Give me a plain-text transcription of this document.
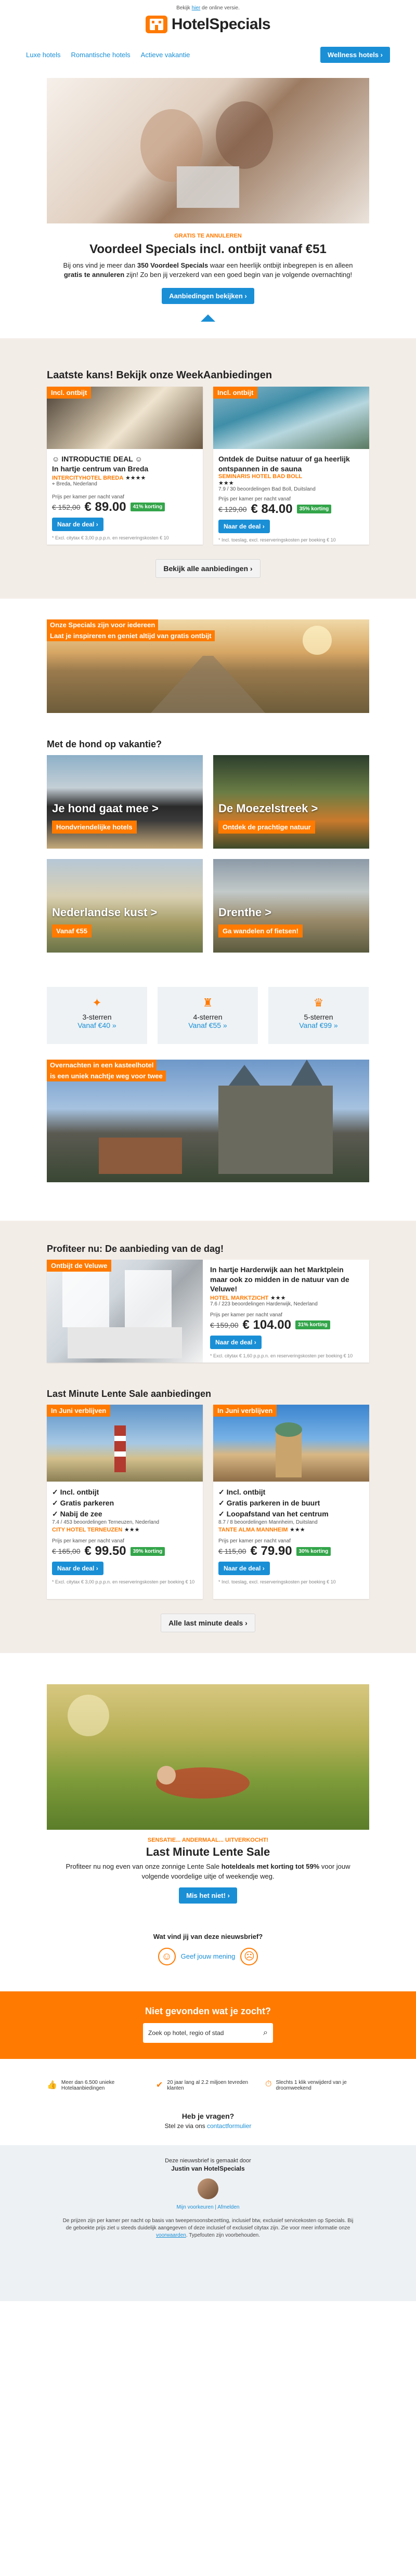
Bekijk hier de online versie.
HotelSpecials
Luxe hotels Romantische hotels Actieve vakantie	Wellness hotels ›
GRATIS TE ANNULEREN
Voordeel Specials incl. ontbijt vanaf €51
Bij ons vind je meer dan 350 Voordeel Specials waar een heerlijk ontbijt inbegrepen is en alleen gratis te annuleren zijn! Zo ben jij verzekerd van een goed begin van je volgende overnachting!
Aanbiedingen bekijken ›
Laatste kans! Bekijk onze WeekAanbiedingen
Incl. ontbijt
☺ INTRODUCTIE DEAL ☺
In hartje centrum van Breda
INTERCITYHOTEL BREDA ★★★★
⌖ Breda, Nederland
Prijs per kamer per nacht vanaf
€ 152,00 € 89.00	41% korting
Naar de deal ›
* Excl. citytax € 3,00 p.p.p.n. en reserveringskosten € 10
Incl. ontbijt
Ontdek de Duitse natuur of ga heerlijk ontspannen in de sauna
SEMINARIS HOTEL BAD BOLL
★★★
7.9 / 30 beoordelingen Bad Boll, Duitsland
Prijs per kamer per nacht vanaf
€ 129,00 € 84.00	35% korting
Naar de deal ›
* Incl. toeslag, excl. reserveringskosten per boeking € 10
Bekijk alle aanbiedingen ›
Onze Specials zijn voor iedereen
Laat je inspireren en geniet altijd van gratis ontbijt
Met de hond op vakantie?
Je hond gaat mee >
Hondvriendelijke hotels
De Moezelstreek >
Ontdek de prachtige natuur
Nederlandse kust >
Vanaf €55
Drenthe >
Ga wandelen of fietsen!
✦
3-sterren
Vanaf €40 »
♜
4-sterren
Vanaf €55 »
♛
5-sterren
Vanaf €99 »
Overnachten in een kasteelhotel
is een uniek nachtje weg voor twee
Profiteer nu: De aanbieding van de dag!
Ontbijt de Veluwe	In hartje Harderwijk aan het Marktplein maar ook zo midden in de natuur van de Veluwe!
HOTEL MARKTZICHT ★★★
7.6 / 223 beoordelingen Harderwijk, Nederland
Prijs per kamer per nacht vanaf
€ 159,00 € 104.00	31% korting
Naar de deal ›
* Excl. citytax € 1,60 p.p.p.n. en reserveringskosten per boeking € 10
Last Minute Lente Sale aanbiedingen
In Juni verblijven
✓ Incl. ontbijt
✓ Gratis parkeren
✓ Nabij de zee
7.4 / 453 beoordelingen Terneuzen, Nederland
CITY HOTEL TERNEUZEN ★★★
Prijs per kamer per nacht vanaf
€ 165,00 € 99.50	39% korting
Naar de deal ›
* Excl. citytax € 3,00 p.p.p.n. en reserveringskosten per boeking € 10
In Juni verblijven
✓ Incl. ontbijt
✓ Gratis parkeren in de buurt
✓ Loopafstand van het centrum
8.7 / 8 beoordelingen Mannheim, Duitsland
TANTE ALMA MANNHEIM ★★★
Prijs per kamer per nacht vanaf
€ 115,00 € 79.90	30% korting
Naar de deal ›
* Incl. toeslag, excl. reserveringskosten per boeking € 10
Alle last minute deals ›
SENSATIE... ANDERMAAL... UITVERKOCHT!
Last Minute Lente Sale
Profiteer nu nog even van onze zonnige Lente Sale hoteldeals met korting tot 59% voor jouw volgende voordelige uitje of weekendje weg.
Mis het niet! ›
Wat vind jij van deze nieuwsbrief?
☺	Geef jouw mening ☹
Niet gevonden wat je zocht?
Zoek op hotel, regio of stad	⌕
👍 Meer dan 6.500 unieke Hotelaanbiedingen	✔ 20 jaar lang al 2.2 miljoen tevreden klanten	⏱ Slechts 1 klik verwijderd van je droomweekend
Heb je vragen?
Stel ze via ons contactformulier
Deze nieuwsbrief is gemaakt door
Justin van HotelSpecials
Mijn voorkeuren | Afmelden
De prijzen zijn per kamer per nacht op basis van tweepersoonsbezetting, inclusief btw, exclusief servicekosten op Specials. Bij de geboekte prijs ziet u steeds duidelijk aangegeven of deze inclusief of exclusief citytax zijn. Zie voor meer informatie onze voorwaarden. Typefouten zijn voorbehouden.
